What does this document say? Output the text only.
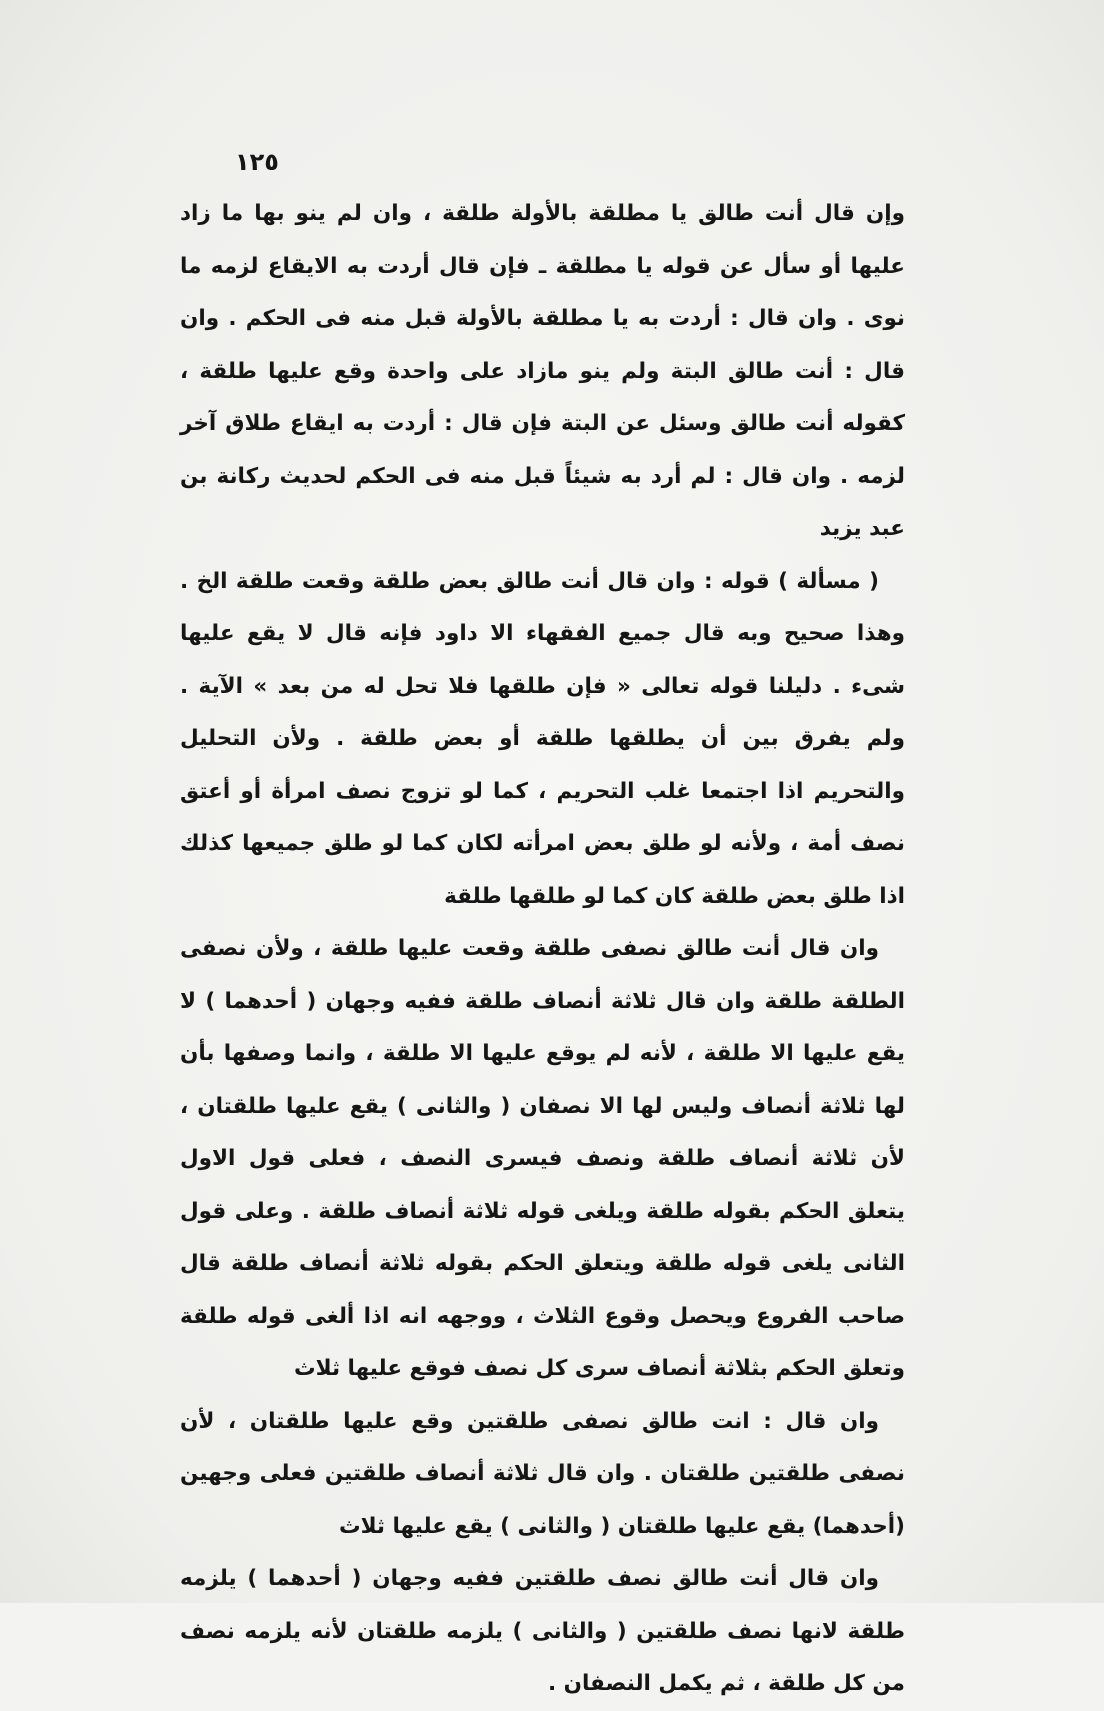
١٢٥

وإن قال أنت طالق يا مطلقة بالأولة طلقة ، وان لم ينو بها ما زاد عليها أو سأل عن قوله يا مطلقة ـ فإن قال أردت به الايقاع لزمه ما نوى . وان قال : أردت به يا مطلقة بالأولة قبل منه فى الحكم . وان قال : أنت طالق البتة ولم ينو مازاد على واحدة وقع عليها طلقة ، كقوله أنت طالق وسئل عن البتة فإن قال : أردت به ايقاع طلاق آخر لزمه . وان قال : لم أرد به شيئاً قبل منه فى الحكم لحديث ركانة بن عبد يزيد

( مسألة ) قوله : وان قال أنت طالق بعض طلقة وقعت طلقة الخ . وهذا صحيح وبه قال جميع الفقهاء الا داود فإنه قال لا يقع عليها شىء . دليلنا قوله تعالى « فإن طلقها فلا تحل له من بعد » الآية . ولم يفرق بين أن يطلقها طلقة أو بعض طلقة . ولأن التحليل والتحريم اذا اجتمعا غلب التحريم ، كما لو تزوج نصف امرأة أو أعتق نصف أمة ، ولأنه لو طلق بعض امرأته لكان كما لو طلق جميعها كذلك اذا طلق بعض طلقة كان كما لو طلقها طلقة

وان قال أنت طالق نصفى طلقة وقعت عليها طلقة ، ولأن نصفى الطلقة طلقة وان قال ثلاثة أنصاف طلقة ففيه وجهان ( أحدهما ) لا يقع عليها الا طلقة ، لأنه لم يوقع عليها الا طلقة ، وانما وصفها بأن لها ثلاثة أنصاف وليس لها الا نصفان ( والثانى ) يقع عليها طلقتان ، لأن ثلاثة أنصاف طلقة ونصف فيسرى النصف ، فعلى قول الاول يتعلق الحكم بقوله طلقة ويلغى قوله ثلاثة أنصاف طلقة . وعلى قول الثانى يلغى قوله طلقة ويتعلق الحكم بقوله ثلاثة أنصاف طلقة قال صاحب الفروع ويحصل وقوع الثلاث ، ووجهه انه اذا ألغى قوله طلقة وتعلق الحكم بثلاثة أنصاف سرى كل نصف فوقع عليها ثلاث

وان قال : انت طالق نصفى طلقتين وقع عليها طلقتان ، لأن نصفى طلقتين طلقتان . وان قال ثلاثة أنصاف طلقتين فعلى وجهين (أحدهما) يقع عليها طلقتان ( والثانى ) يقع عليها ثلاث

وان قال أنت طالق نصف طلقتين ففيه وجهان ( أحدهما ) يلزمه طلقة لانها نصف طلقتين ( والثانى ) يلزمه طلقتان لأنه يلزمه نصف من كل طلقة ، ثم يكمل النصفان .
